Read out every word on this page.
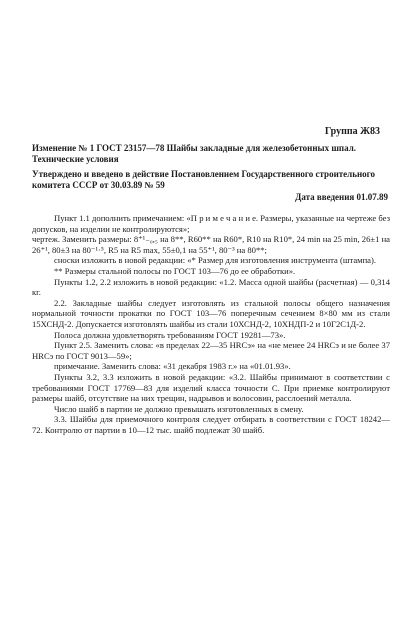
Группа Ж83
Изменение № 1 ГОСТ 23157—78 Шайбы закладные для железобетонных шпал. Технические условия
Утверждено и введено в действие Постановлением Государственного строительного комитета СССР от 30.03.89 № 59
Дата введения 01.07.89

Пункт 1.1 дополнить примечанием: «П р и м е ч а н и е. Размеры, указанные на чертеже без допусков, на изделии не контролируются»;

чертеж. Заменить размеры: 8⁺¹₋₀,₅ на 8**, R60** на R60*, R10 на R10*, 24 min на 25 min, 26±1 на 26⁺¹, 80±3 на 80⁻¹·⁵, R5 на R5 max, 55±0,1 на 55⁺¹, 80⁻³ на 80**;

сноски изложить в новой редакции: «* Размер для изготовления инструмента (штампа).

** Размеры стальной полосы по ГОСТ 103—76 до ее обработки».

Пункты 1.2, 2.2 изложить в новой редакции: «1.2. Масса одной шайбы (расчетная) — 0,314 кг.

2.2. Закладные шайбы следует изготовлять из стальной полосы общего назначения нормальной точности прокатки по ГОСТ 103—76 поперечным сечением 8×80 мм из стали 15ХСНД-2. Допускается изготовлять шайбы из стали 10ХСНД-2, 10ХНДП-2 и 10Г2С1Д-2.

Полоса должна удовлетворять требованиям ГОСТ 19281—73».

Пункт 2.5. Заменить слова: «в пределах 22—35 HRCэ» на «не менее 24 HRCэ и не более 37 HRCэ по ГОСТ 9013—59»;

примечание. Заменить слова: «31 декабря 1983 г.» на «01.01.93».

Пункты 3.2, 3.3 изложить в новой редакции: «3.2. Шайбы принимают в соответствии с требованиями ГОСТ 17769—83 для изделий класса точности С. При приемке контролируют размеры шайб, отсутствие на них трещин, надрывов и волосовин, расслоений металла.

Число шайб в партии не должно превышать изготовленных в смену.

3.3. Шайбы для приемочного контроля следует отбирать в соответствии с ГОСТ 18242—72. Контролю от партии в 10—12 тыс. шайб подлежат 30 шайб.
